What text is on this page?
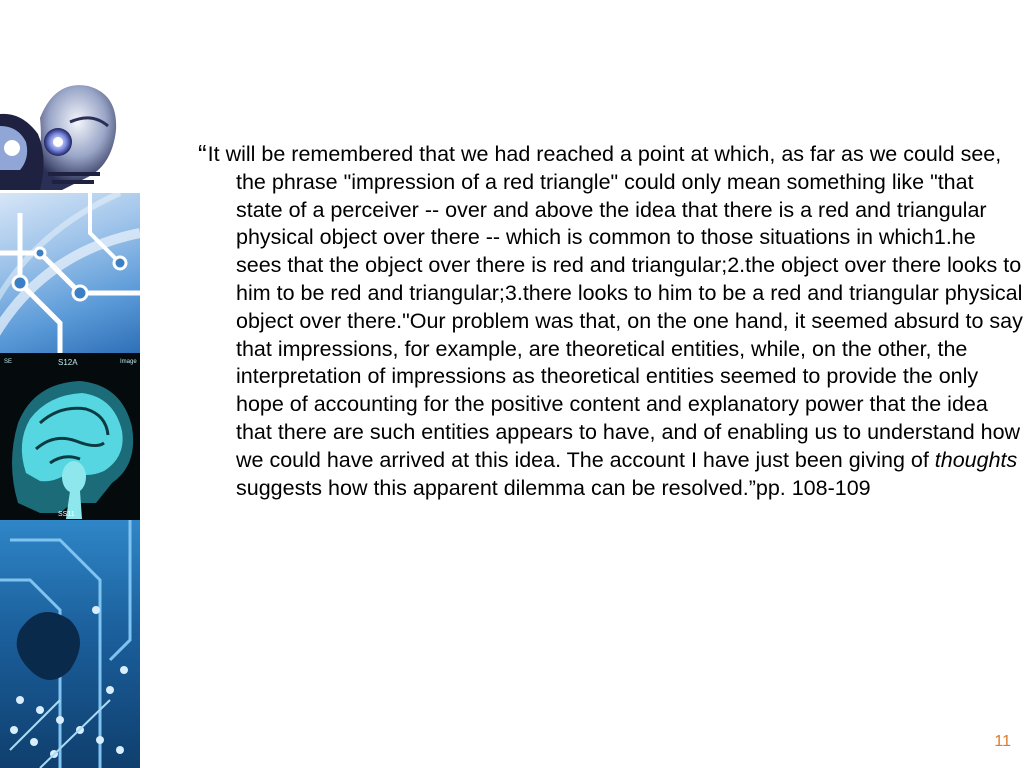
SE	S12A	Image
SS11

“It will be remembered that we had reached a point at which, as far as we could see, the phrase "impression of a red triangle" could only mean something like "that state of a perceiver -- over and above the idea that there is a red and triangular physical object over there -- which is common to those situations in which1.he sees that the object over there is red and triangular;2.the object over there looks to him to be red and triangular;3.there looks to him to be a red and triangular physical object over there."Our problem was that, on the one hand, it seemed absurd to say that impressions, for example, are theoretical entities, while, on the other, the interpretation of impressions as theoretical entities seemed to provide the only hope of accounting for the positive content and explanatory power that the idea that there are such entities appears to have, and of enabling us to understand how we could have arrived at this idea. The account I have just been giving of thoughts suggests how this apparent dilemma can be resolved.”pp. 108-109

11
